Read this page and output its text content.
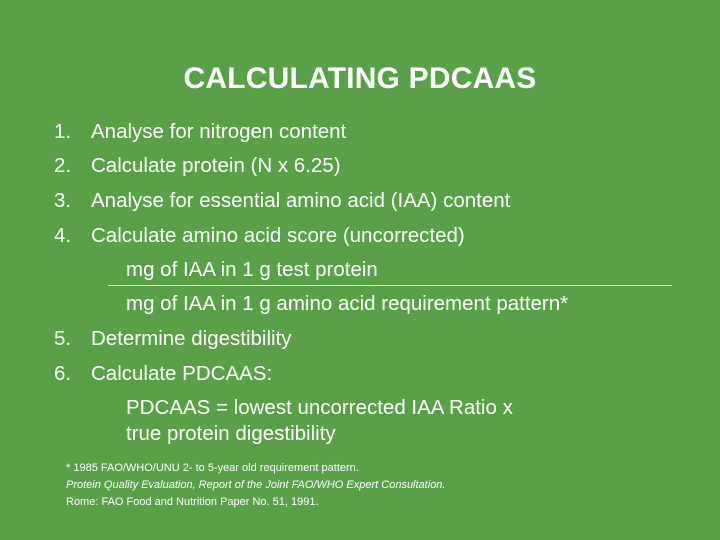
CALCULATING PDCAAS
1. Analyse for nitrogen content
2. Calculate protein (N x 6.25)
3. Analyse for essential amino acid (IAA) content
4. Calculate amino acid score (uncorrected)
mg of IAA in 1 g test protein
mg of IAA in 1 g amino acid requirement pattern*
5. Determine digestibility
6. Calculate PDCAAS:
PDCAAS = lowest uncorrected IAA Ratio x
true protein digestibility
* 1985 FAO/WHO/UNU 2- to 5-year old requirement pattern.
Protein Quality Evaluation, Report of the Joint FAO/WHO Expert Consultation.
Rome: FAO Food and Nutrition Paper No. 51, 1991.
